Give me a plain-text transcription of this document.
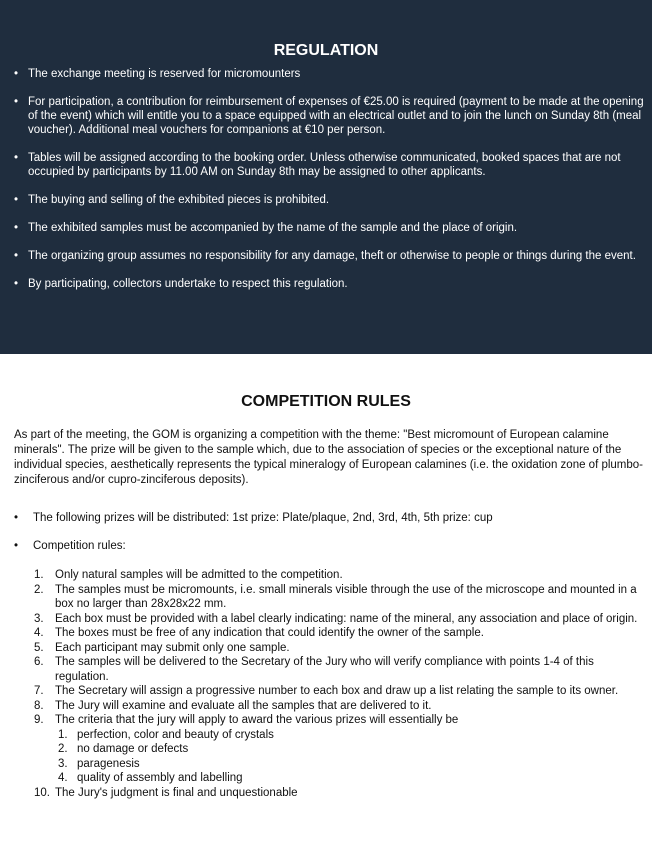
REGULATION
• The exchange meeting is reserved for micromounters
• For participation, a contribution for reimbursement of expenses of €25.00 is required (payment to be made at the opening of the event) which will entitle you to a space equipped with an electrical outlet and to join the lunch on Sunday 8th (meal voucher). Additional meal vouchers for companions at €10 per person.
• Tables will be assigned according to the booking order. Unless otherwise communicated, booked spaces that are not occupied by participants by 11.00 AM on Sunday 8th may be assigned to other applicants.
• The buying and selling of the exhibited pieces is prohibited.
• The exhibited samples must be accompanied by the name of the sample and the place of origin.
• The organizing group assumes no responsibility for any damage, theft or otherwise to people or things during the event.
• By participating, collectors undertake to respect this regulation.
COMPETITION RULES

As part of the meeting, the GOM is organizing a competition with the theme: "Best micromount of European calamine minerals". The prize will be given to the sample which, due to the association of species or the exceptional nature of the individual species, aesthetically represents the typical mineralogy of European calamines (i.e. the oxidation zone of plumbo-zinciferous and/or cupro-zinciferous deposits).

• The following prizes will be distributed: 1st prize: Plate/plaque, 2nd, 3rd, 4th, 5th prize: cup
• Competition rules:
1. Only natural samples will be admitted to the competition.
2. The samples must be micromounts, i.e. small minerals visible through the use of the microscope and mounted in a box no larger than 28x28x22 mm.
3. Each box must be provided with a label clearly indicating: name of the mineral, any association and place of origin.
4. The boxes must be free of any indication that could identify the owner of the sample.
5. Each participant may submit only one sample.
6. The samples will be delivered to the Secretary of the Jury who will verify compliance with points 1-4 of this regulation.
7. The Secretary will assign a progressive number to each box and draw up a list relating the sample to its owner.
8. The Jury will examine and evaluate all the samples that are delivered to it.
9. The criteria that the jury will apply to award the various prizes will essentially be
1. perfection, color and beauty of crystals
2. no damage or defects
3. paragenesis
4. quality of assembly and labelling
10. The Jury's judgment is final and unquestionable
